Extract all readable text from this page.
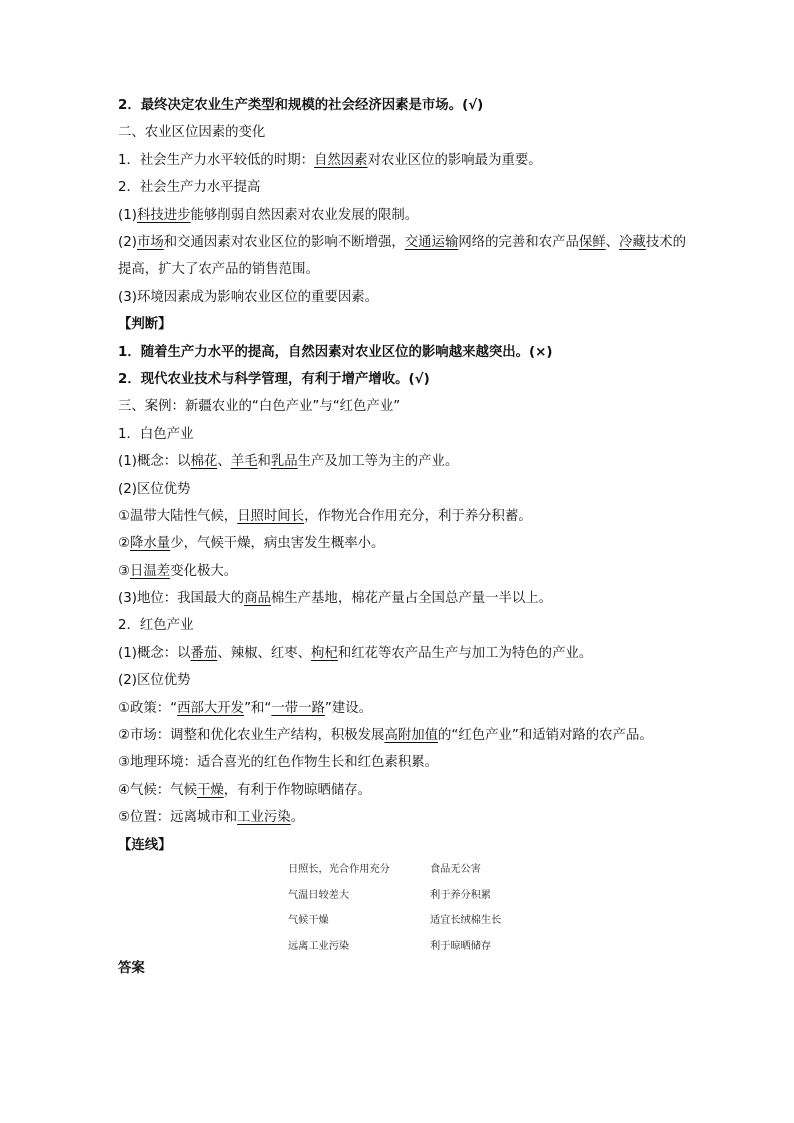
2．最终决定农业生产类型和规模的社会经济因素是市场。(√)
二、农业区位因素的变化
1．社会生产力水平较低的时期：自然因素对农业区位的影响最为重要。
2．社会生产力水平提高
(1)科技进步能够削弱自然因素对农业发展的限制。
(2)市场和交通因素对农业区位的影响不断增强，交通运输网络的完善和农产品保鲜、冷藏技术的提高，扩大了农产品的销售范围。
(3)环境因素成为影响农业区位的重要因素。
【判断】
1．随着生产力水平的提高，自然因素对农业区位的影响越来越突出。(×)
2．现代农业技术与科学管理，有利于增产增收。(√)
三、案例：新疆农业的“白色产业”与“红色产业”
1．白色产业
(1)概念：以棉花、羊毛和乳品生产及加工等为主的产业。
(2)区位优势
①温带大陆性气候，日照时间长，作物光合作用充分，利于养分积蓄。
②降水量少，气候干燥，病虫害发生概率小。
③日温差变化极大。
(3)地位：我国最大的商品棉生产基地，棉花产量占全国总产量一半以上。
2．红色产业
(1)概念：以番茄、辣椒、红枣、枸杞和红花等农产品生产与加工为特色的产业。
(2)区位优势
①政策：“西部大开发”和“一带一路”建设。
②市场：调整和优化农业生产结构，积极发展高附加值的“红色产业”和适销对路的农产品。
③地理环境：适合喜光的红色作物生长和红色素积累。
④气候：气候干燥，有利于作物晾晒储存。
⑤位置：远离城市和工业污染。
【连线】
日照长，光合作用充分	食品无公害
气温日较差大	利于养分积累
气候干燥	适宜长绒棉生长
远离工业污染	利于晾晒储存
答案
